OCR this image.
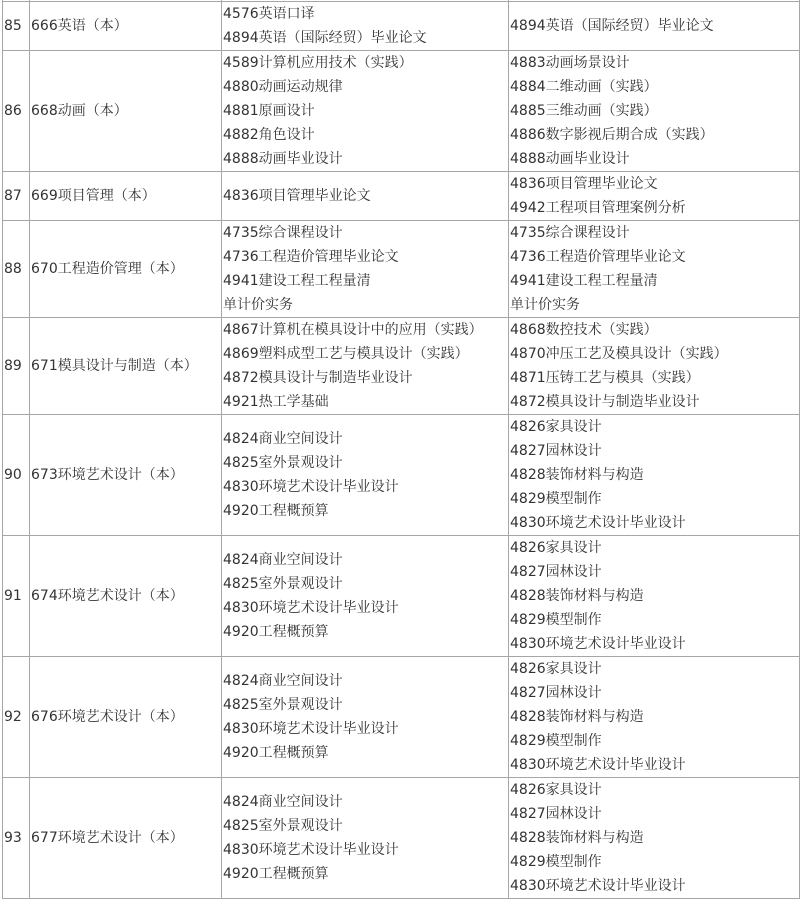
85	666英语（本）	4576英语口译
4894英语（国际经贸）毕业论文	4894英语（国际经贸）毕业论文

86	668动画（本）	4589计算机应用技术（实践）
4880动画运动规律
4881原画设计
4882角色设计
4888动画毕业设计	4883动画场景设计
4884二维动画（实践）
4885三维动画（实践）
4886数字影视后期合成（实践）
4888动画毕业设计

87	669项目管理（本）	4836项目管理毕业论文	4836项目管理毕业论文
4942工程项目管理案例分析

88	670工程造价管理（本）	4735综合课程设计
4736工程造价管理毕业论文
4941建设工程工程量清
单计价实务	4735综合课程设计
4736工程造价管理毕业论文
4941建设工程工程量清
单计价实务

89	671模具设计与制造（本）	4867计算机在模具设计中的应用（实践）
4869塑料成型工艺与模具设计（实践）
4872模具设计与制造毕业设计
4921热工学基础	4868数控技术（实践）
4870冲压工艺及模具设计（实践）
4871压铸工艺与模具（实践）
4872模具设计与制造毕业设计

90	673环境艺术设计（本）	4824商业空间设计
4825室外景观设计
4830环境艺术设计毕业设计
4920工程概预算	4826家具设计
4827园林设计
4828装饰材料与构造
4829模型制作
4830环境艺术设计毕业设计

91	674环境艺术设计（本）	4824商业空间设计
4825室外景观设计
4830环境艺术设计毕业设计
4920工程概预算	4826家具设计
4827园林设计
4828装饰材料与构造
4829模型制作
4830环境艺术设计毕业设计

92	676环境艺术设计（本）	4824商业空间设计
4825室外景观设计
4830环境艺术设计毕业设计
4920工程概预算	4826家具设计
4827园林设计
4828装饰材料与构造
4829模型制作
4830环境艺术设计毕业设计

93	677环境艺术设计（本）	4824商业空间设计
4825室外景观设计
4830环境艺术设计毕业设计
4920工程概预算	4826家具设计
4827园林设计
4828装饰材料与构造
4829模型制作
4830环境艺术设计毕业设计
